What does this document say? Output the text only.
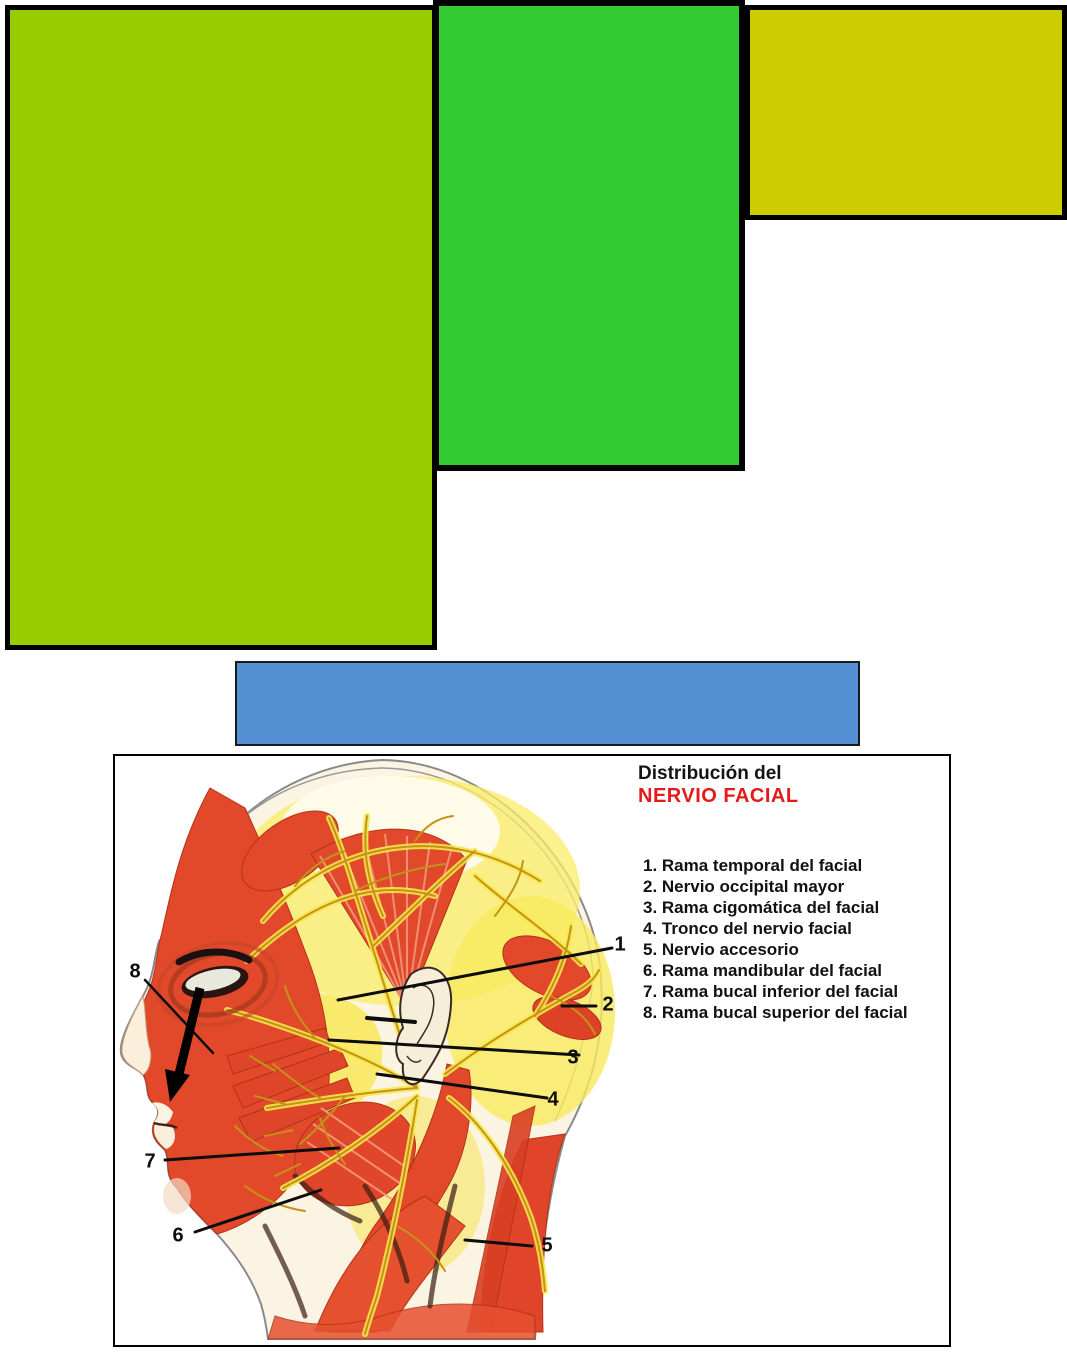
Distribución del
NERVIO FACIAL
1. Rama temporal del facial
2. Nervio occipital mayor
3. Rama cigomática del facial
4. Tronco del nervio facial
5. Nervio accesorio
6. Rama mandibular del facial
7. Rama bucal inferior del facial
8. Rama bucal superior del facial
1
2
3
4
5
6
7
8
